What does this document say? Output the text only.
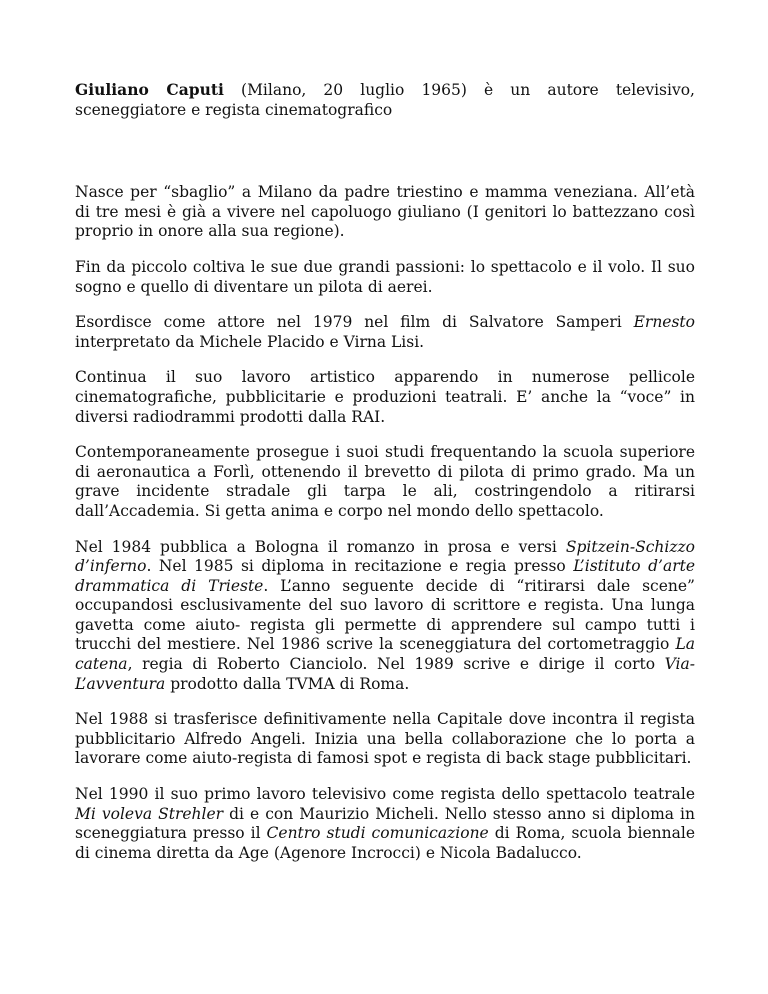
Giuliano Caputi (Milano, 20 luglio 1965) è un autore televisivo, sceneggiatore e regista cinematografico

Nasce per “sbaglio” a Milano da padre triestino e mamma veneziana. All’età di tre mesi è già a vivere nel capoluogo giuliano (I genitori lo battezzano così proprio in onore alla sua regione).

Fin da piccolo coltiva le sue due grandi passioni: lo spettacolo e il volo. Il suo sogno e quello di diventare un pilota di aerei.

Esordisce come attore nel 1979 nel film di Salvatore Samperi Ernesto interpretato da Michele Placido e Virna Lisi.

Continua il suo lavoro artistico apparendo in numerose pellicole cinematografiche, pubblicitarie e produzioni teatrali. E’ anche la “voce” in diversi radiodrammi prodotti dalla RAI.

Contemporaneamente prosegue i suoi studi frequentando la scuola superiore di aeronautica a Forlì, ottenendo il brevetto di pilota di primo grado. Ma un grave incidente stradale gli tarpa le ali, costringendolo a ritirarsi dall’Accademia. Si getta anima e corpo nel mondo dello spettacolo.

Nel 1984 pubblica a Bologna il romanzo in prosa e versi Spitzein-Schizzo d’inferno. Nel 1985 si diploma in recitazione e regia presso L’istituto d’arte drammatica di Trieste. L’anno seguente decide di “ritirarsi dale scene” occupandosi esclusivamente del suo lavoro di scrittore e regista. Una lunga gavetta come aiuto- regista gli permette di apprendere sul campo tutti i trucchi del mestiere. Nel 1986 scrive la sceneggiatura del cortometraggio La catena, regia di Roberto Cianciolo. Nel 1989 scrive e dirige il corto Via-L’avventura prodotto dalla TVMA di Roma.

Nel 1988 si trasferisce definitivamente nella Capitale dove incontra il regista pubblicitario Alfredo Angeli. Inizia una bella collaborazione che lo porta a lavorare come aiuto-regista di famosi spot e regista di back stage pubblicitari.

Nel 1990 il suo primo lavoro televisivo come regista dello spettacolo teatrale Mi voleva Strehler di e con Maurizio Micheli. Nello stesso anno si diploma in sceneggiatura presso il Centro studi comunicazione di Roma, scuola biennale di cinema diretta da Age (Agenore Incrocci) e Nicola Badalucco.
